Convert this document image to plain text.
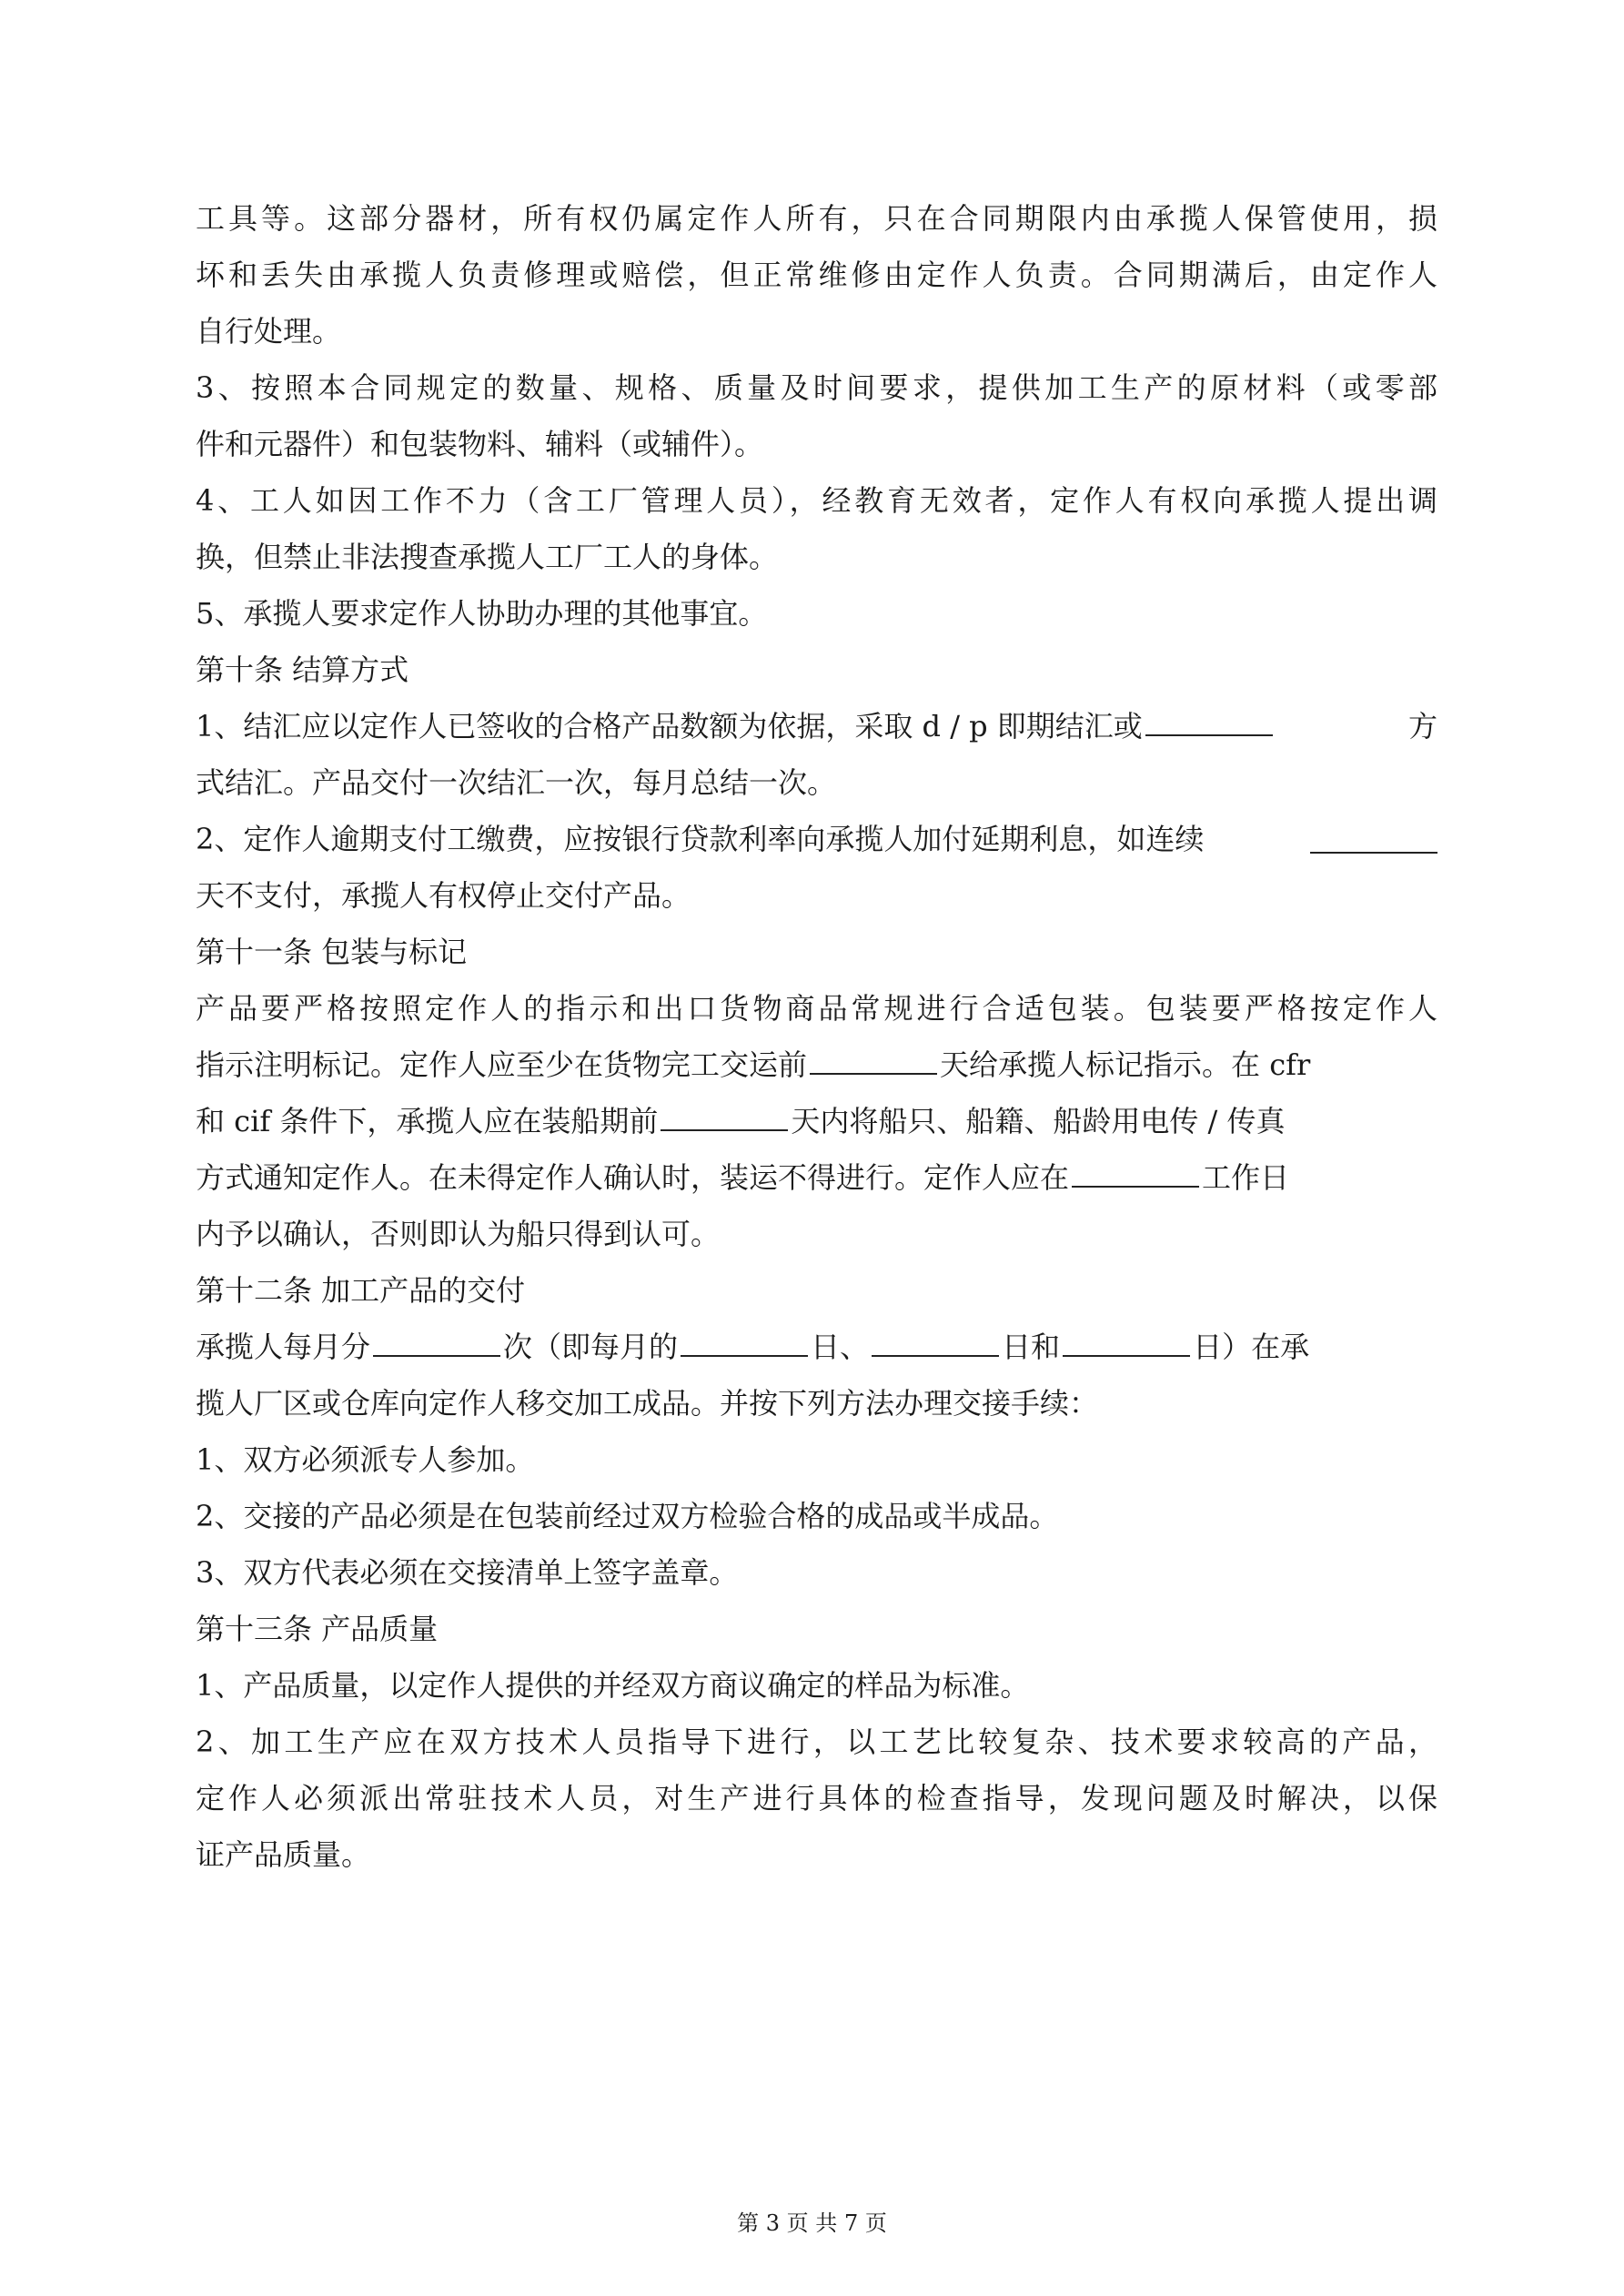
工具等。这部分器材，所有权仍属定作人所有，只在合同期限内由承揽人保管使用，损
坏和丢失由承揽人负责修理或赔偿，但正常维修由定作人负责。合同期满后，由定作人
自行处理。
3、按照本合同规定的数量、规格、质量及时间要求，提供加工生产的原材料（或零部
件和元器件）和包装物料、辅料（或辅件）。
4、工人如因工作不力（含工厂管理人员），经教育无效者，定作人有权向承揽人提出调
换，但禁止非法搜查承揽人工厂工人的身体。
5、承揽人要求定作人协助办理的其他事宜。
第十条 结算方式
1、结汇应以定作人已签收的合格产品数额为依据，采取 d / p 即期结汇或	方
式结汇。产品交付一次结汇一次，每月总结一次。
2、定作人逾期支付工缴费，应按银行贷款利率向承揽人加付延期利息，如连续
天不支付，承揽人有权停止交付产品。
第十一条 包装与标记
产品要严格按照定作人的指示和出口货物商品常规进行合适包装。包装要严格按定作人
指示注明标记。定作人应至少在货物完工交运前	天给承揽人标记指示。在 cfr
和 cif 条件下，承揽人应在装船期前	天内将船只、船籍、船龄用电传 / 传真
方式通知定作人。在未得定作人确认时，装运不得进行。定作人应在	工作日
内予以确认，否则即认为船只得到认可。
第十二条 加工产品的交付
承揽人每月分	次（即每月的	日、	日和	日）在承
揽人厂区或仓库向定作人移交加工成品。并按下列方法办理交接手续：
1、双方必须派专人参加。
2、交接的产品必须是在包装前经过双方检验合格的成品或半成品。
3、双方代表必须在交接清单上签字盖章。
第十三条 产品质量
1、产品质量，以定作人提供的并经双方商议确定的样品为标准。
2、加工生产应在双方技术人员指导下进行，以工艺比较复杂、技术要求较高的产品，
定作人必须派出常驻技术人员，对生产进行具体的检查指导，发现问题及时解决，以保
证产品质量。
第 3 页 共 7 页
